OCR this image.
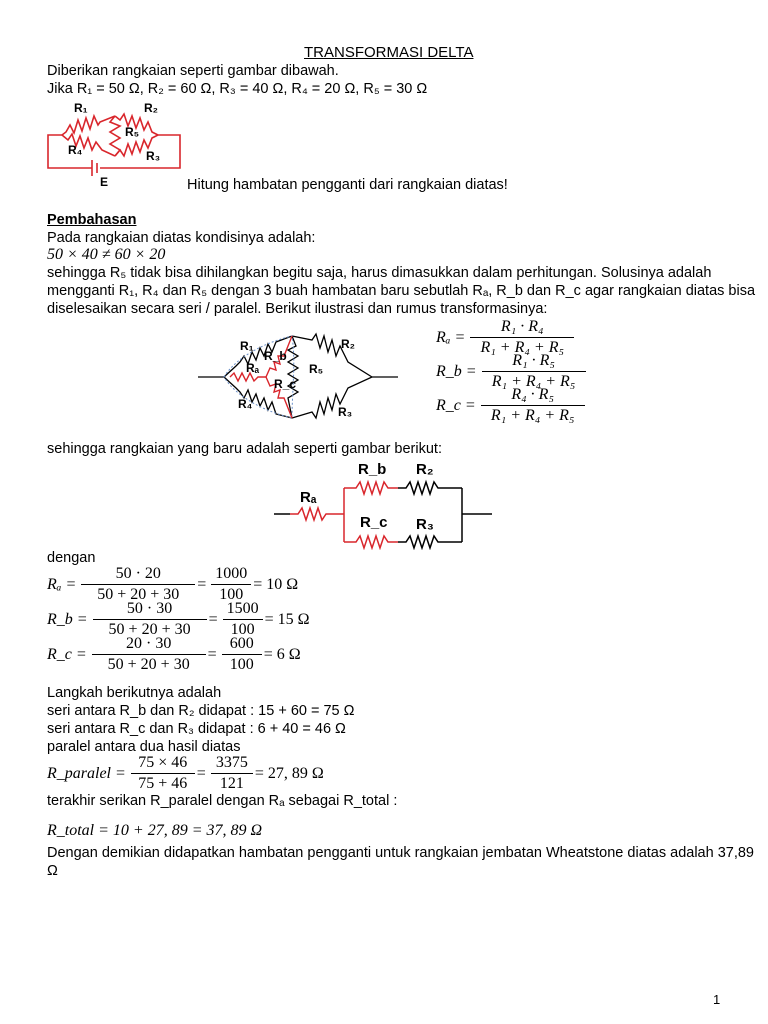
TRANSFORMASI DELTA
Diberikan rangkaian seperti gambar dibawah.
Jika R₁ = 50 Ω, R₂ = 60 Ω, R₃ = 40 Ω, R₄ = 20 Ω, R₅ = 30 Ω
R₁	R₂
R₅
R₄	R₃
E	Hitung hambatan pengganti dari rangkaian diatas!
Pembahasan
Pada rangkaian diatas kondisinya adalah:
50 × 40 ≠ 60 × 20
sehingga R₅ tidak bisa dihilangkan begitu saja, harus dimasukkan dalam perhitungan. Solusinya adalah
mengganti R₁, R₄ dan R₅ dengan 3 buah hambatan baru sebutlah Rₐ, R_b dan R_c agar rangkaian diatas bisa
diselesaikan secara seri / paralel. Berikut ilustrasi dan rumus transformasinya:
R₁	R₂
R_b
Rₐ	R₅
R_c
R₄
R₃
$R_a = \frac{\text{R₁ · R₄}}{\text{R₁ + R₄ + R₅}}$
R_b = $\frac{\text{R₁ · R₅}}{\text{R₁ + R₄ + R₅}}$
R_c = $\frac{\text{R₄ · R₅}}{\text{R₁ + R₄ + R₅}}$
sehingga rangkaian yang baru adalah seperti gambar berikut:
R_b R₂
Rₐ
R_c R₃
dengan
$R_a = \frac{50 \cdot 20}{50 + 20 + 30} = \frac{1000}{100} = 10$ Ω
R_b = $\frac{50 \cdot 30}{50 + 20 + 30} = \frac{1500}{100} = 15$ Ω
R_c = $\frac{20 \cdot 30}{50 + 20 + 30} = \frac{600}{100} = 6$ Ω
Langkah berikutnya adalah
seri antara R_b dan R₂ didapat : 15 + 60 = 75 Ω
seri antara R_c dan R₃ didapat : 6 + 40 = 46 Ω
paralel antara dua hasil diatas
R_paralel = $\frac{75 \times 46}{75 + 46} = \frac{3375}{121} = 27$, 89 Ω
terakhir serikan R_paralel dengan Rₐ sebagai R_total :
R_total = 10 + 27, 89 = 37, 89 Ω
Dengan demikian didapatkan hambatan pengganti untuk rangkaian jembatan Wheatstone diatas adalah 37,89
Ω
1
